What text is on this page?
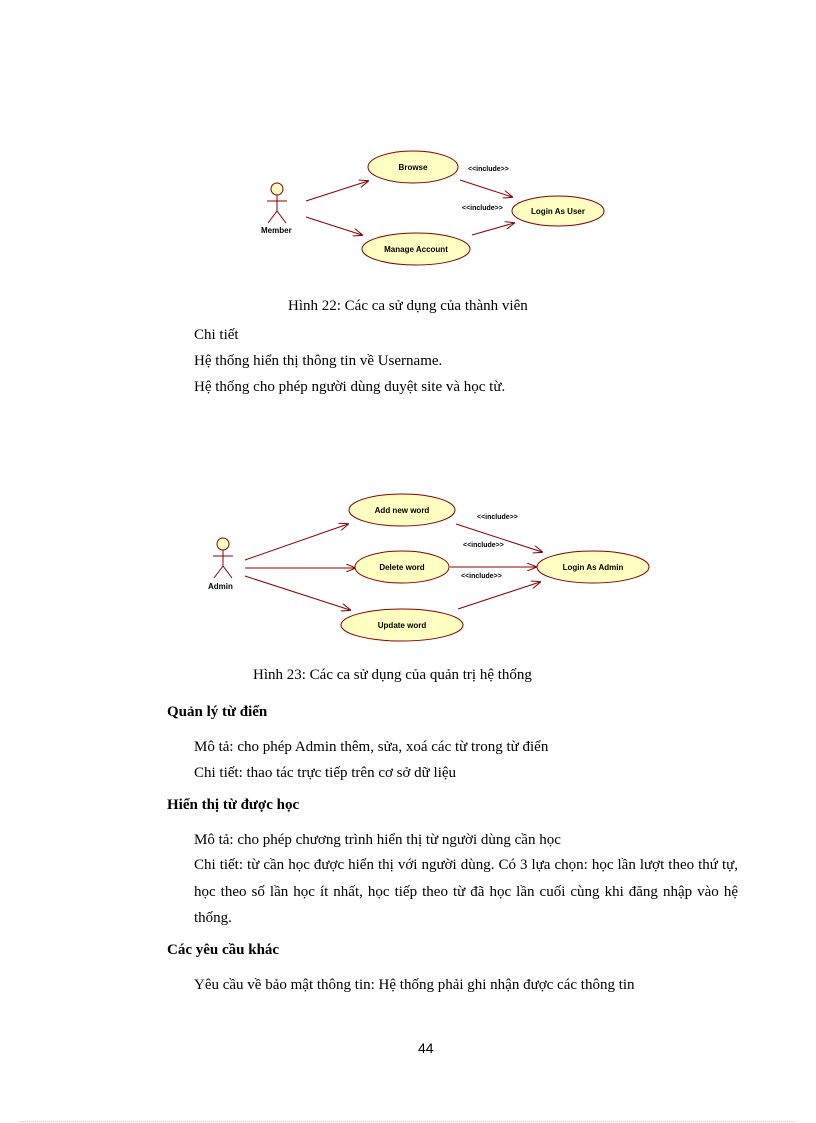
Member
Browse
Manage Account
Login As User
<<include>>
<<include>>
Hình 22: Các ca sử dụng của thành viên
Chi tiết
Hệ thống hiển thị thông tin về Username.
Hệ thống cho phép người dùng duyệt site và học từ.
Admin
Add new word
Delete word
Update word
Login As Admin
<<include>>
<<include>>
<<include>>
Hình 23: Các ca sử dụng của quản trị hệ thống
Quản lý từ điển
Mô tả: cho phép Admin thêm, sửa, xoá các từ trong từ điển
Chi tiết: thao tác trực tiếp trên cơ sở dữ liệu
Hiển thị từ được học
Mô tả: cho phép chương trình hiển thị từ người dùng cần học
Chi tiết: từ cần học được hiển thị với người dùng. Có 3 lựa chọn: học lần lượt theo thứ tự, học theo số lần học ít nhất, học tiếp theo từ đã học lần cuối cùng khi đăng nhập vào hệ thống.
Các yêu cầu khác
Yêu cầu về bảo mật thông tin: Hệ thống phải ghi nhận được các thông tin
44
